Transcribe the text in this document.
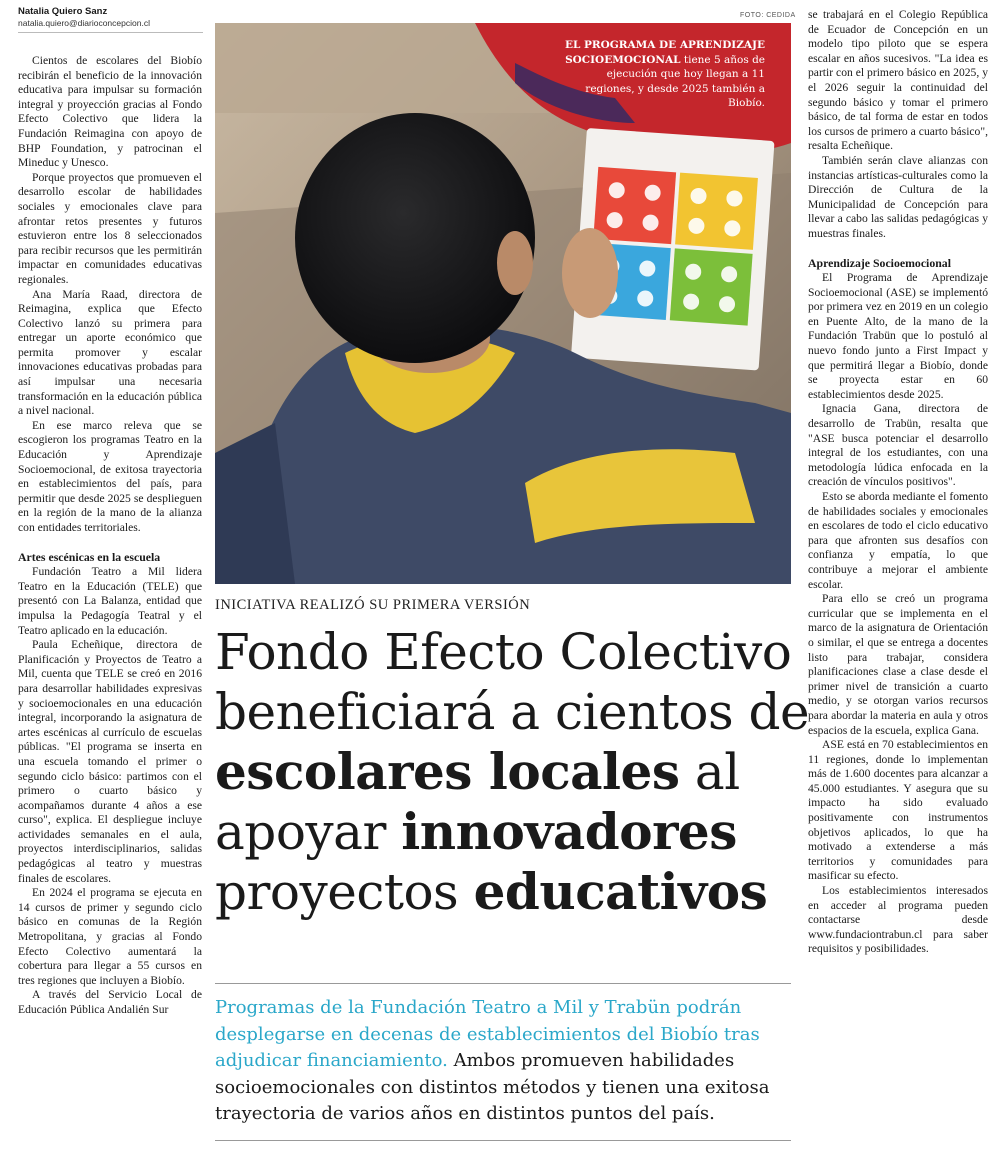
Natalia Quiero Sanz
natalia.quiero@diarioconcepcion.cl

Cientos de escolares del Biobío recibirán el beneficio de la innovación educativa para impulsar su formación integral y proyección gracias al Fondo Efecto Colectivo que lidera la Fundación Reimagina con apoyo de BHP Foundation, y patrocinan el Mineduc y Unesco.

Porque proyectos que promueven el desarrollo escolar de habilidades sociales y emocionales clave para afrontar retos presentes y futuros estuvieron entre los 8 seleccionados para recibir recursos que les permitirán impactar en comunidades educativas regionales.

Ana María Raad, directora de Reimagina, explica que Efecto Colectivo lanzó su primera para entregar un aporte económico que permita promover y escalar innovaciones educativas probadas para así impulsar una necesaria transformación en la educación pública a nivel nacional.

En ese marco releva que se escogieron los programas Teatro en la Educación y Aprendizaje Socioemocional, de exitosa trayectoria en establecimientos del país, para permitir que desde 2025 se desplieguen en la región de la mano de la alianza con entidades territoriales.

Artes escénicas en la escuela

Fundación Teatro a Mil lidera Teatro en la Educación (TELE) que presentó con La Balanza, entidad que impulsa la Pedagogía Teatral y el Teatro aplicado en la educación.

Paula Echeñique, directora de Planificación y Proyectos de Teatro a Mil, cuenta que TELE se creó en 2016 para desarrollar habilidades expresivas y socioemocionales en una educación integral, incorporando la asignatura de artes escénicas al currículo de escuelas públicas. "El programa se inserta en una escuela tomando el primer o segundo ciclo básico: partimos con el primero o cuarto básico y acompañamos durante 4 años a ese curso", explica. El despliegue incluye actividades semanales en el aula, proyectos interdisciplinarios, salidas pedagógicas al teatro y muestras finales de escolares.

En 2024 el programa se ejecuta en 14 cursos de primer y segundo ciclo básico en comunas de la Región Metropolitana, y gracias al Fondo Efecto Colectivo aumentará la cobertura para llegar a 55 cursos en tres regiones que incluyen a Biobío.

A través del Servicio Local de Educación Pública Andalién Sur

FOTO: CEDIDA
EL PROGRAMA DE APRENDIZAJE SOCIOEMOCIONAL tiene 5 años de ejecución que hoy llegan a 11 regiones, y desde 2025 también a Biobío.
INICIATIVA REALIZÓ SU PRIMERA VERSIÓN
Fondo Efecto Colectivo beneficiará a cientos de escolares locales al apoyar innovadores proyectos educativos

Programas de la Fundación Teatro a Mil y Trabün podrán desplegarse en decenas de establecimientos del Biobío tras adjudicar financiamiento. Ambos promueven habilidades socioemocionales con distintos métodos y tienen una exitosa trayectoria de varios años en distintos puntos del país.

se trabajará en el Colegio República de Ecuador de Concepción en un modelo tipo piloto que se espera escalar en años sucesivos. "La idea es partir con el primero básico en 2025, y el 2026 seguir la continuidad del segundo básico y tomar el primero básico, de tal forma de estar en todos los cursos de primero a cuarto básico", resalta Echeñique.

También serán clave alianzas con instancias artísticas-culturales como la Dirección de Cultura de la Municipalidad de Concepción para llevar a cabo las salidas pedagógicas y muestras finales.

Aprendizaje Socioemocional

El Programa de Aprendizaje Socioemocional (ASE) se implementó por primera vez en 2019 en un colegio en Puente Alto, de la mano de la Fundación Trabün que lo postuló al nuevo fondo junto a First Impact y que permitirá llegar a Biobío, donde se proyecta estar en 60 establecimientos desde 2025.

Ignacia Gana, directora de desarrollo de Trabün, resalta que "ASE busca potenciar el desarrollo integral de los estudiantes, con una metodología lúdica enfocada en la creación de vínculos positivos".

Esto se aborda mediante el fomento de habilidades sociales y emocionales en escolares de todo el ciclo educativo para que afronten sus desafíos con confianza y empatía, lo que contribuye a mejorar el ambiente escolar.

Para ello se creó un programa curricular que se implementa en el marco de la asignatura de Orientación o similar, el que se entrega a docentes listo para trabajar, considera planificaciones clase a clase desde el primer nivel de transición a cuarto medio, y se otorgan varios recursos para abordar la materia en aula y otros espacios de la escuela, explica Gana.

ASE está en 70 establecimientos en 11 regiones, donde lo implementan más de 1.600 docentes para alcanzar a 45.000 estudiantes. Y asegura que su impacto ha sido evaluado positivamente con instrumentos objetivos aplicados, lo que ha motivado a extenderse a más territorios y comunidades para masificar su efecto.

Los establecimientos interesados en acceder al programa pueden contactarse desde www.fundaciontrabun.cl para saber requisitos y posibilidades.
